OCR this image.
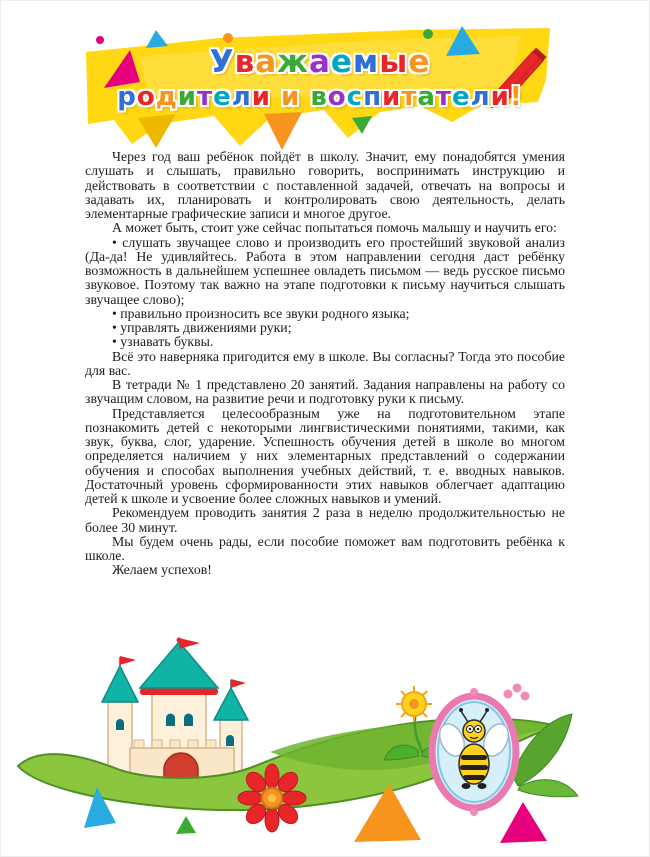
Уважаемые
родители и воспитатели!

Через год ваш ребёнок пойдёт в школу. Значит, ему понадобятся умения слушать и слышать, правильно говорить, воспринимать инструкцию и действовать в соответствии с поставленной задачей, отвечать на вопросы и задавать их, планировать и контролировать свою деятельность, делать элементарные графические записи и многое другое.

А может быть, стоит уже сейчас попытаться помочь малышу и научить его:

• слушать звучащее слово и производить его простейший звуковой анализ (Да-да! Не удивляйтесь. Работа в этом направлении сегодня даст ребёнку возможность в дальнейшем успешнее овладеть письмом — ведь русское письмо звуковое. Поэтому так важно на этапе подготовки к письму научиться слышать звучащее слово);

• правильно произносить все звуки родного языка;

• управлять движениями руки;

• узнавать буквы.

Всё это наверняка пригодится ему в школе. Вы согласны? Тогда это пособие для вас.

В тетради № 1 представлено 20 занятий. Задания направлены на работу со звучащим словом, на развитие речи и подготовку руки к письму.

Представляется целесообразным уже на подготовительном этапе познакомить детей с некоторыми лингвистическими понятиями, такими, как звук, буква, слог, ударение. Успешность обучения детей в школе во многом определяется наличием у них элементарных представлений о содержании обучения и способах выполнения учебных действий, т. е. вводных навыков. Достаточный уровень сформированности этих навыков облегчает адаптацию детей к школе и усвоение более сложных навыков и умений.

Рекомендуем проводить занятия 2 раза в неделю продолжительностью не более 30 минут.

Мы будем очень рады, если пособие поможет вам подготовить ребёнка к школе.

Желаем успехов!
